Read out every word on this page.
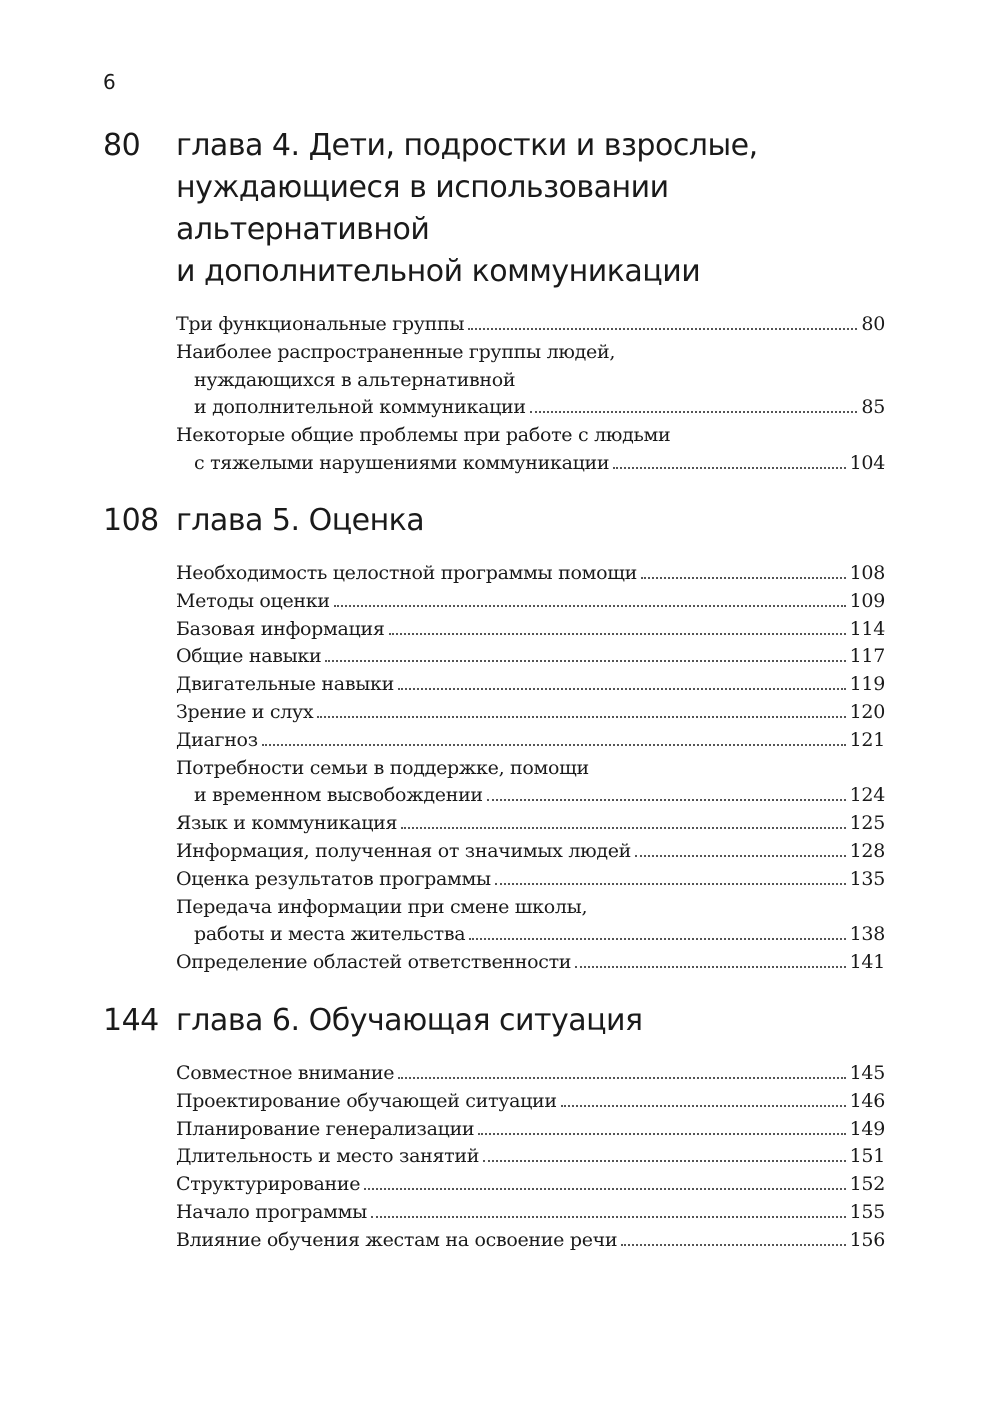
6
80 глава 4. Дети, подростки и взрослые,
нуждающиеся в использовании
альтернативной
и дополнительной коммуникации
Три функциональные группы	80
Наиболее распространенные группы людей,
нуждающихся в альтернативной
и дополнительной коммуникации	85
Некоторые общие проблемы при работе с людьми
с тяжелыми нарушениями коммуникации	104
108 глава 5. Оценка
Необходимость целостной программы помощи	108
Методы оценки	109
Базовая информация	114
Общие навыки	117
Двигательные навыки	119
Зрение и слух	120
Диагноз	121
Потребности семьи в поддержке, помощи
и временном высвобождении	124
Язык и коммуникация	125
Информация, полученная от значимых людей	128
Оценка результатов программы	135
Передача информации при смене школы,
работы и места жительства	138
Определение областей ответственности	141
144 глава 6. Обучающая ситуация
Совместное внимание	145
Проектирование обучающей ситуации	146
Планирование генерализации	149
Длительность и место занятий	151
Структурирование	152
Начало программы	155
Влияние обучения жестам на освоение речи	156
